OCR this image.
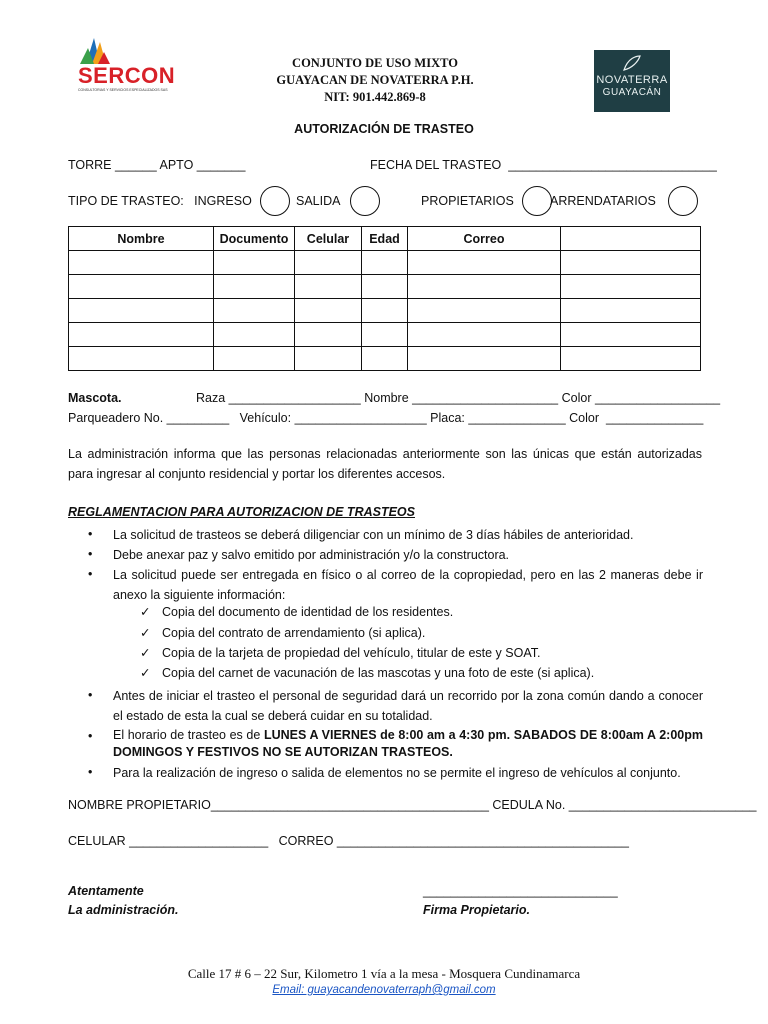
SERCON
CONSULTORIAS Y SERVICIOS ESPECIALIZADOS SAS
NOVATERRA
GUAYACÁN
CONJUNTO DE USO MIXTO
GUAYACAN DE NOVATERRA P.H.
NIT: 901.442.869-8
AUTORIZACIÓN DE TRASTEO
TORRE ______ APTO _______	FECHA DEL TRASTEO  ______________________________
TIPO DE TRASTEO:   INGRESO	SALIDA	PROPIETARIOS	ARRENDATARIOS
Nombre	Documento	Celular	Edad	Correo	

Mascota.	Raza ___________________ Nombre _____________________ Color __________________
Parqueadero No. _________   Vehículo: ___________________ Placa: ______________ Color  ______________

La administración informa que las personas relacionadas anteriormente son las únicas que están autorizadas para ingresar al conjunto residencial y portar los diferentes accesos.

REGLAMENTACION PARA AUTORIZACION DE TRASTEOS
• La solicitud de trasteos se deberá diligenciar con un mínimo de 3 días hábiles de anterioridad.
• Debe anexar paz y salvo emitido por administración y/o la constructora.
• La solicitud puede ser entregada en físico o al correo de la copropiedad, pero en las 2 maneras debe ir anexo la siguiente información:
✓ Copia del documento de identidad de los residentes.
✓ Copia del contrato de arrendamiento (si aplica).
✓ Copia de la tarjeta de propiedad del vehículo, titular de este y SOAT.
✓ Copia del carnet de vacunación de las mascotas y una foto de este (si aplica).
• Antes de iniciar el trasteo el personal de seguridad dará un recorrido por la zona común dando a conocer el estado de esta la cual se deberá cuidar en su totalidad.
• El horario de trasteo es de LUNES A VIERNES de 8:00 am a 4:30 pm. SABADOS DE 8:00am A 2:00pm DOMINGOS Y FESTIVOS NO SE AUTORIZAN TRASTEOS.
• Para la realización de ingreso o salida de elementos no se permite el ingreso de vehículos al conjunto.
NOMBRE PROPIETARIO________________________________________ CEDULA No. ___________________________
CELULAR ____________________   CORREO __________________________________________
Atentamente
La administración.
____________________________
Firma Propietario.
Calle 17 # 6 – 22 Sur, Kilometro 1 vía a la mesa - Mosquera Cundinamarca
Email: guayacandenovaterraph@gmail.com
